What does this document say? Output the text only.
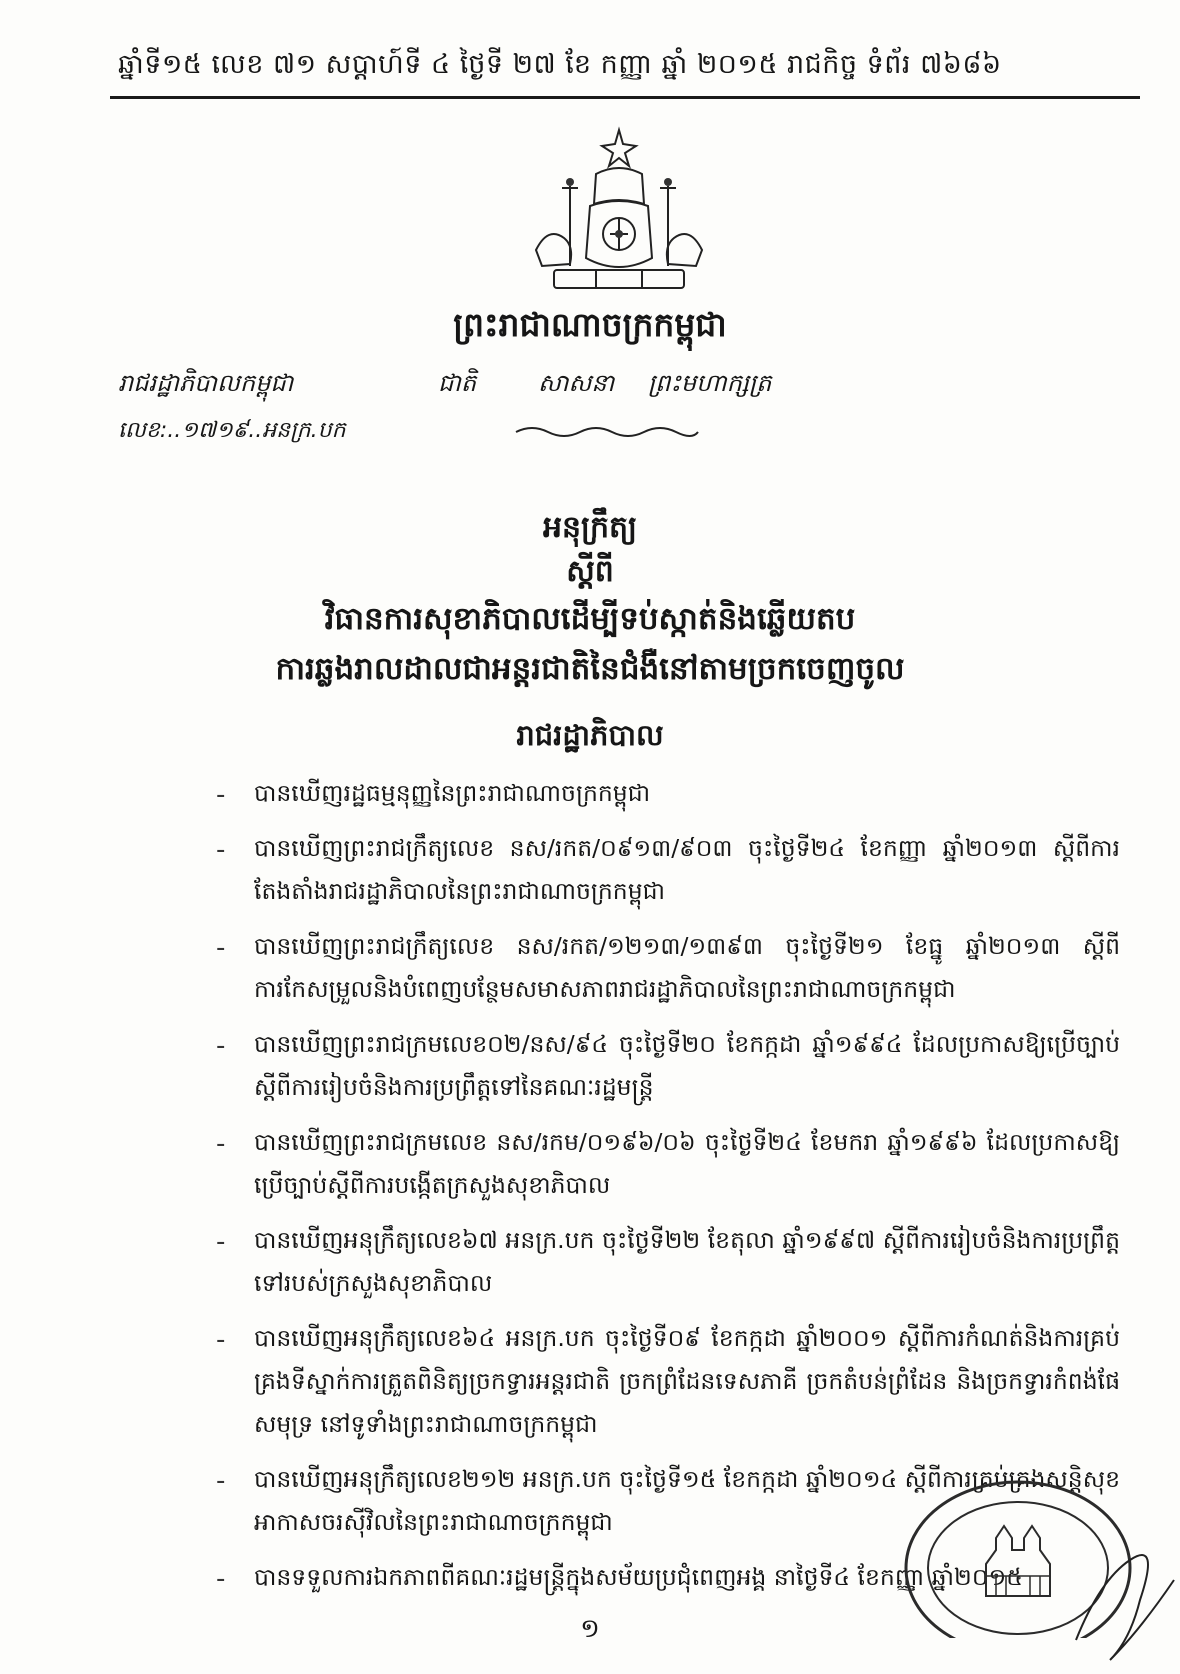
ឆ្នាំទី១៥ លេខ ៧១ សប្តាហ៍ទី ៤ ថ្ងៃទី ២៧ ខែ កញ្ញា ឆ្នាំ ២០១៥ រាជកិច្ច ទំព័រ ៧៦៨៦
ព្រះរាជាណាចក្រកម្ពុជា
រាជរដ្ឋាភិបាលកម្ពុជា	ជាតិ	សាសនា ព្រះមហាក្សត្រ
លេខ:..១៧១៩..អនក្រ.បក
អនុក្រឹត្យ
ស្តីពី
វិធានការសុខាភិបាលដើម្បីទប់ស្កាត់និងឆ្លើយតប
ការឆ្លងរាលដាលជាអន្តរជាតិនៃជំងឺនៅតាមច្រកចេញចូល
រាជរដ្ឋាភិបាល
- បានឃើញរដ្ឋធម្មនុញ្ញនៃព្រះរាជាណាចក្រកម្ពុជា
- បានឃើញព្រះរាជក្រឹត្យលេខ នស/រកត/០៩១៣/៩០៣ ចុះថ្ងៃទី២៤ ខែកញ្ញា ឆ្នាំ២០១៣ ស្តីពីការតែងតាំងរាជរដ្ឋាភិបាលនៃព្រះរាជាណាចក្រកម្ពុជា
- បានឃើញព្រះរាជក្រឹត្យលេខ នស/រកត/១២១៣/១៣៩៣ ចុះថ្ងៃទី២១ ខែធ្នូ ឆ្នាំ២០១៣ ស្តីពីការកែសម្រួលនិងបំពេញបន្ថែមសមាសភាពរាជរដ្ឋាភិបាលនៃព្រះរាជាណាចក្រកម្ពុជា
- បានឃើញព្រះរាជក្រមលេខ០២/នស/៩៤ ចុះថ្ងៃទី២០ ខែកក្កដា ឆ្នាំ១៩៩៤ ដែលប្រកាសឱ្យប្រើច្បាប់ស្តីពីការរៀបចំនិងការប្រព្រឹត្តទៅនៃគណៈរដ្ឋមន្ត្រី
- បានឃើញព្រះរាជក្រមលេខ នស/រកម/០១៩៦/០៦ ចុះថ្ងៃទី២៤ ខែមករា ឆ្នាំ១៩៩៦ ដែលប្រកាសឱ្យប្រើច្បាប់ស្តីពីការបង្កើតក្រសួងសុខាភិបាល
- បានឃើញអនុក្រឹត្យលេខ៦៧ អនក្រ.បក ចុះថ្ងៃទី២២ ខែតុលា ឆ្នាំ១៩៩៧ ស្តីពីការរៀបចំនិងការប្រព្រឹត្តទៅរបស់ក្រសួងសុខាភិបាល
- បានឃើញអនុក្រឹត្យលេខ៦៤ អនក្រ.បក ចុះថ្ងៃទី០៩ ខែកក្កដា ឆ្នាំ២០០១ ស្តីពីការកំណត់និងការគ្រប់គ្រងទីស្នាក់ការត្រួតពិនិត្យច្រកទ្វារអន្តរជាតិ ច្រកព្រំដែនទេសភាគី ច្រកតំបន់ព្រំដែន និងច្រកទ្វារកំពង់ផែសមុទ្រ នៅទូទាំងព្រះរាជាណាចក្រកម្ពុជា
- បានឃើញអនុក្រឹត្យលេខ២១២ អនក្រ.បក ចុះថ្ងៃទី១៥ ខែកក្កដា ឆ្នាំ២០១៤ ស្តីពីការគ្រប់គ្រងសន្តិសុខអាកាសចរស៊ីវិលនៃព្រះរាជាណាចក្រកម្ពុជា
- បានទទួលការឯកភាពពីគណៈរដ្ឋមន្ត្រីក្នុងសម័យប្រជុំពេញអង្គ នាថ្ងៃទី៤ ខែកញ្ញា ឆ្នាំ២០១៥
១
